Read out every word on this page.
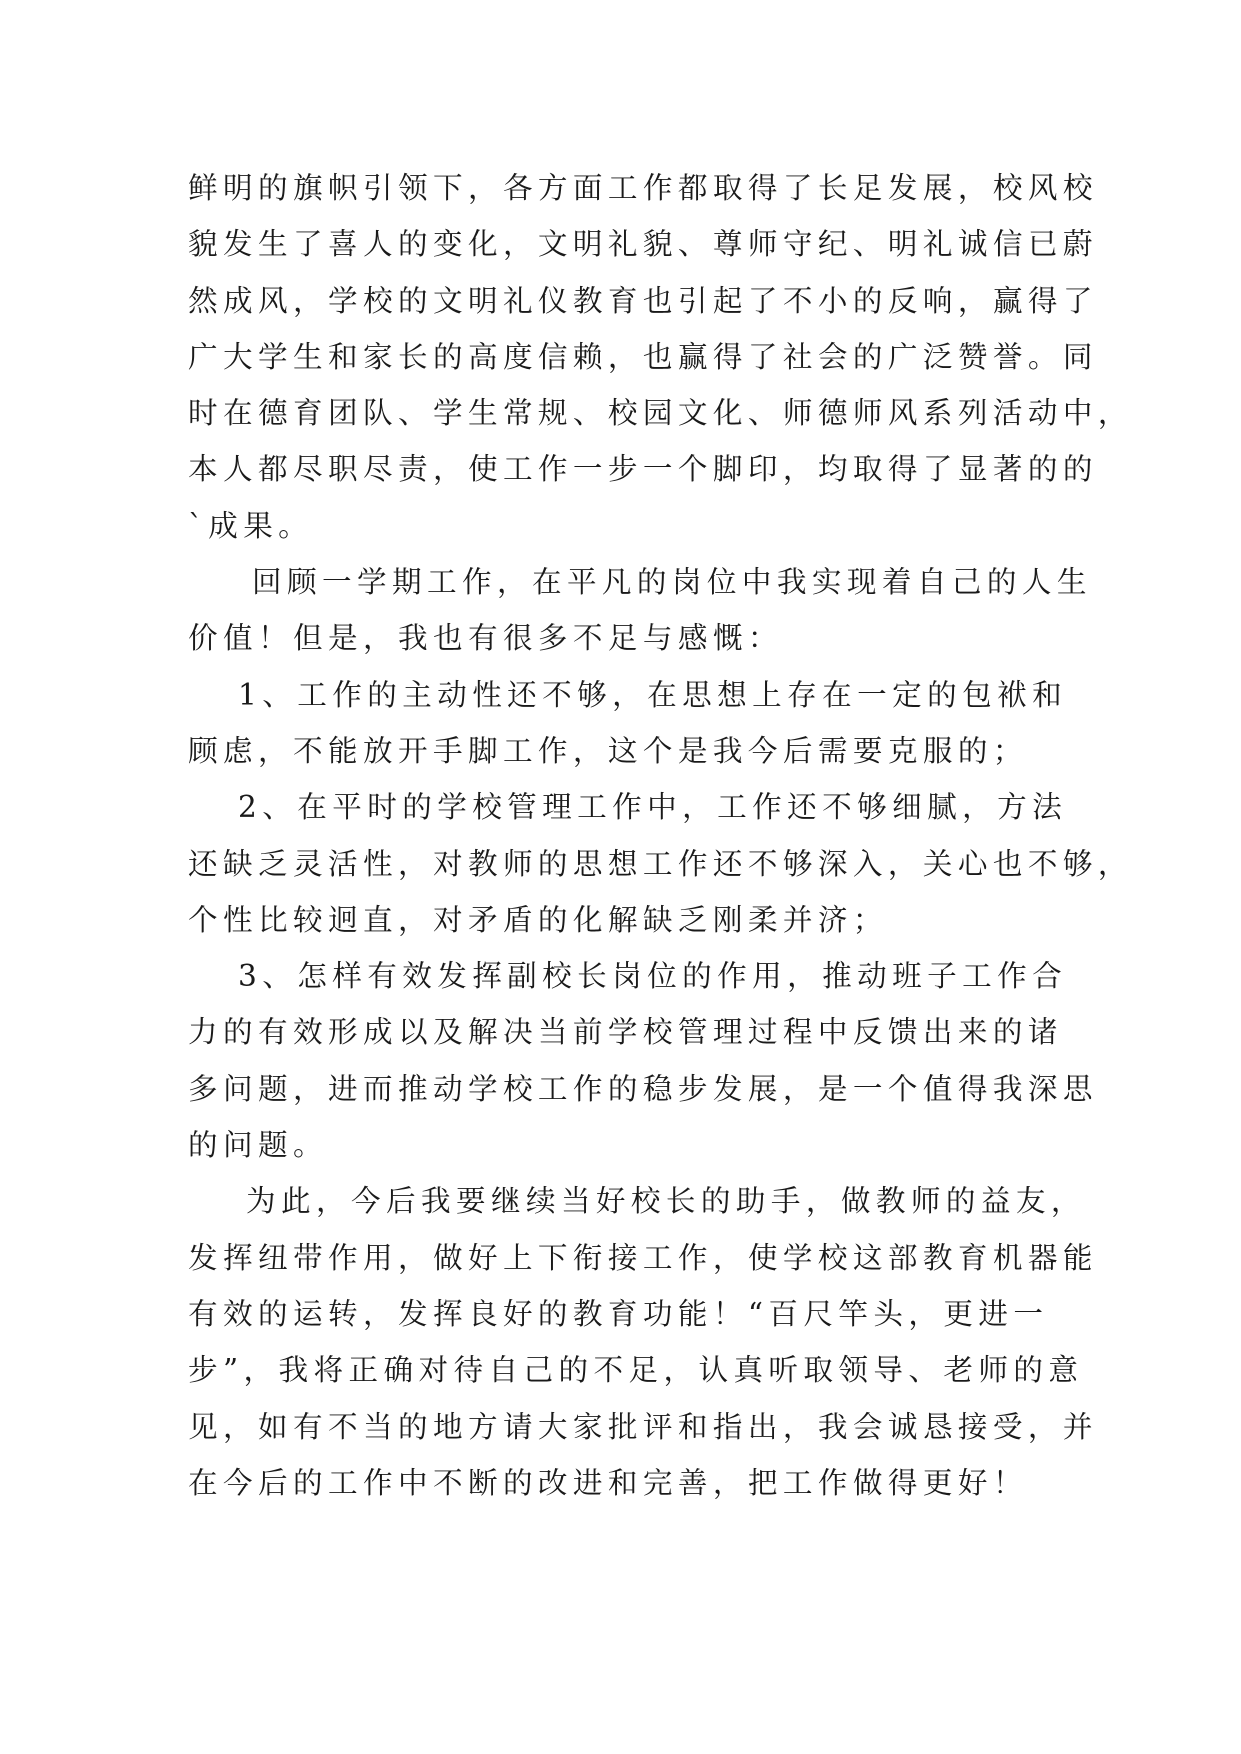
鲜明的旗帜引领下，各方面工作都取得了长足发展，校风校
貌发生了喜人的变化，文明礼貌、尊师守纪、明礼诚信已蔚
然成风，学校的文明礼仪教育也引起了不小的反响，赢得了
广大学生和家长的高度信赖，也赢得了社会的广泛赞誉。同
时在德育团队、学生常规、校园文化、师德师风系列活动中，
本人都尽职尽责，使工作一步一个脚印，均取得了显著的的
`成果。

回顾一学期工作，在平凡的岗位中我实现着自己的人生
价值！但是，我也有很多不足与感慨：

1、工作的主动性还不够，在思想上存在一定的包袱和
顾虑，不能放开手脚工作，这个是我今后需要克服的；

2、在平时的学校管理工作中，工作还不够细腻，方法
还缺乏灵活性，对教师的思想工作还不够深入，关心也不够，
个性比较迥直，对矛盾的化解缺乏刚柔并济；

3、怎样有效发挥副校长岗位的作用，推动班子工作合
力的有效形成以及解决当前学校管理过程中反馈出来的诸
多问题，进而推动学校工作的稳步发展，是一个值得我深思
的问题。

为此，今后我要继续当好校长的助手，做教师的益友，
发挥纽带作用，做好上下衔接工作，使学校这部教育机器能
有效的运转，发挥良好的教育功能！“百尺竿头，更进一
步”，我将正确对待自己的不足，认真听取领导、老师的意
见，如有不当的地方请大家批评和指出，我会诚恳接受，并
在今后的工作中不断的改进和完善，把工作做得更好！
